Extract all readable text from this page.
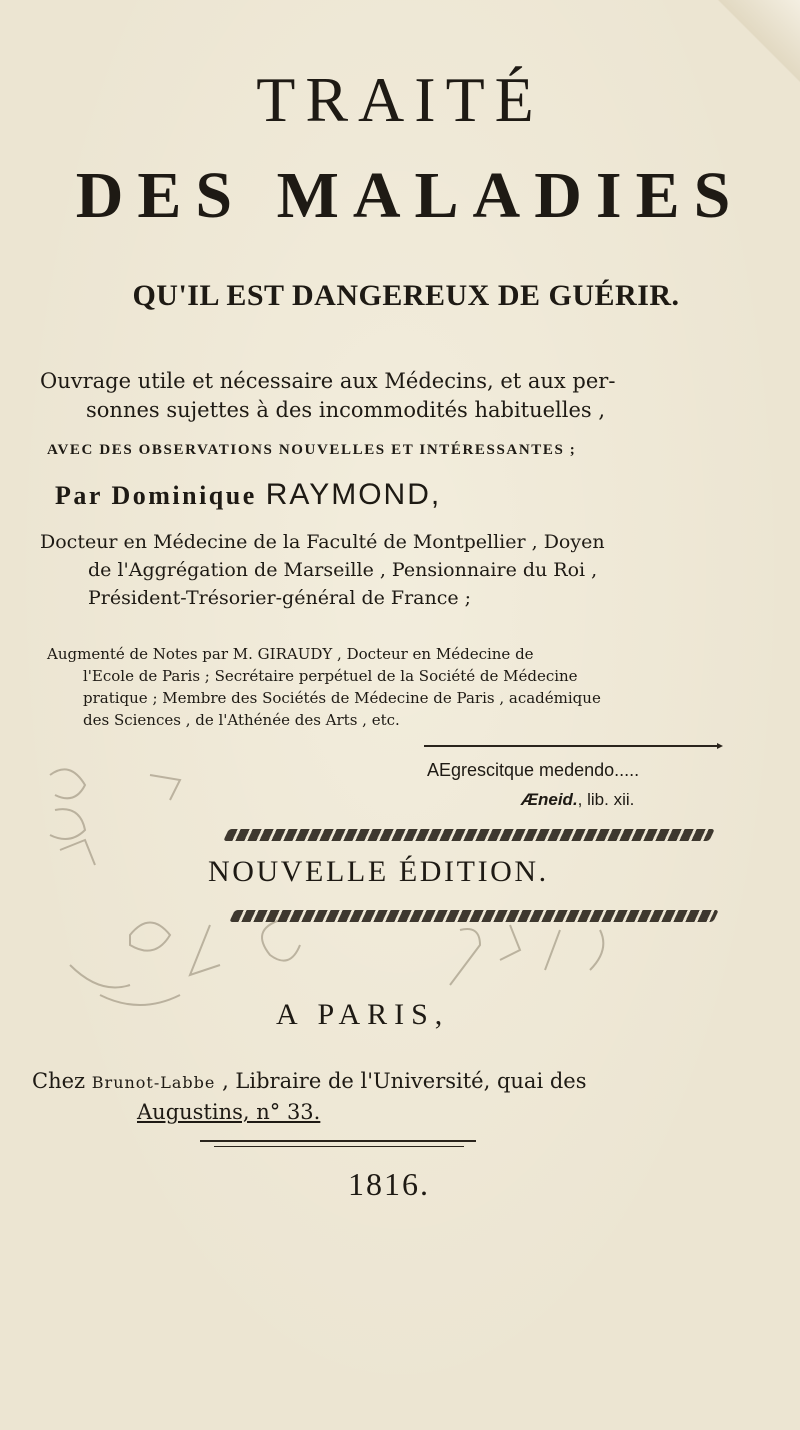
TRAITÉ
DES MALADIES
QU'IL EST DANGEREUX DE GUÉRIR.
Ouvrage utile et nécessaire aux Médecins, et aux per-
sonnes sujettes à des incommodités habituelles ,
AVEC DES OBSERVATIONS NOUVELLES ET INTÉRESSANTES ;
Par Dominique RAYMOND,
Docteur en Médecine de la Faculté de Montpellier , Doyen
de l'Aggrégation de Marseille , Pensionnaire du Roi ,
Président-Trésorier-général de France ;
Augmenté de Notes par M. GIRAUDY , Docteur en Médecine de
l'Ecole de Paris ; Secrétaire perpétuel de la Société de Médecine
pratique ; Membre des Sociétés de Médecine de Paris , académique
des Sciences , de l'Athénée des Arts , etc.
AEgrescitque medendo.....
Æneid., lib. xii.
NOUVELLE ÉDITION.
A PARIS,
Chez Brunot-Labbe , Libraire de l'Université, quai des
Augustins, n° 33.
1816.
